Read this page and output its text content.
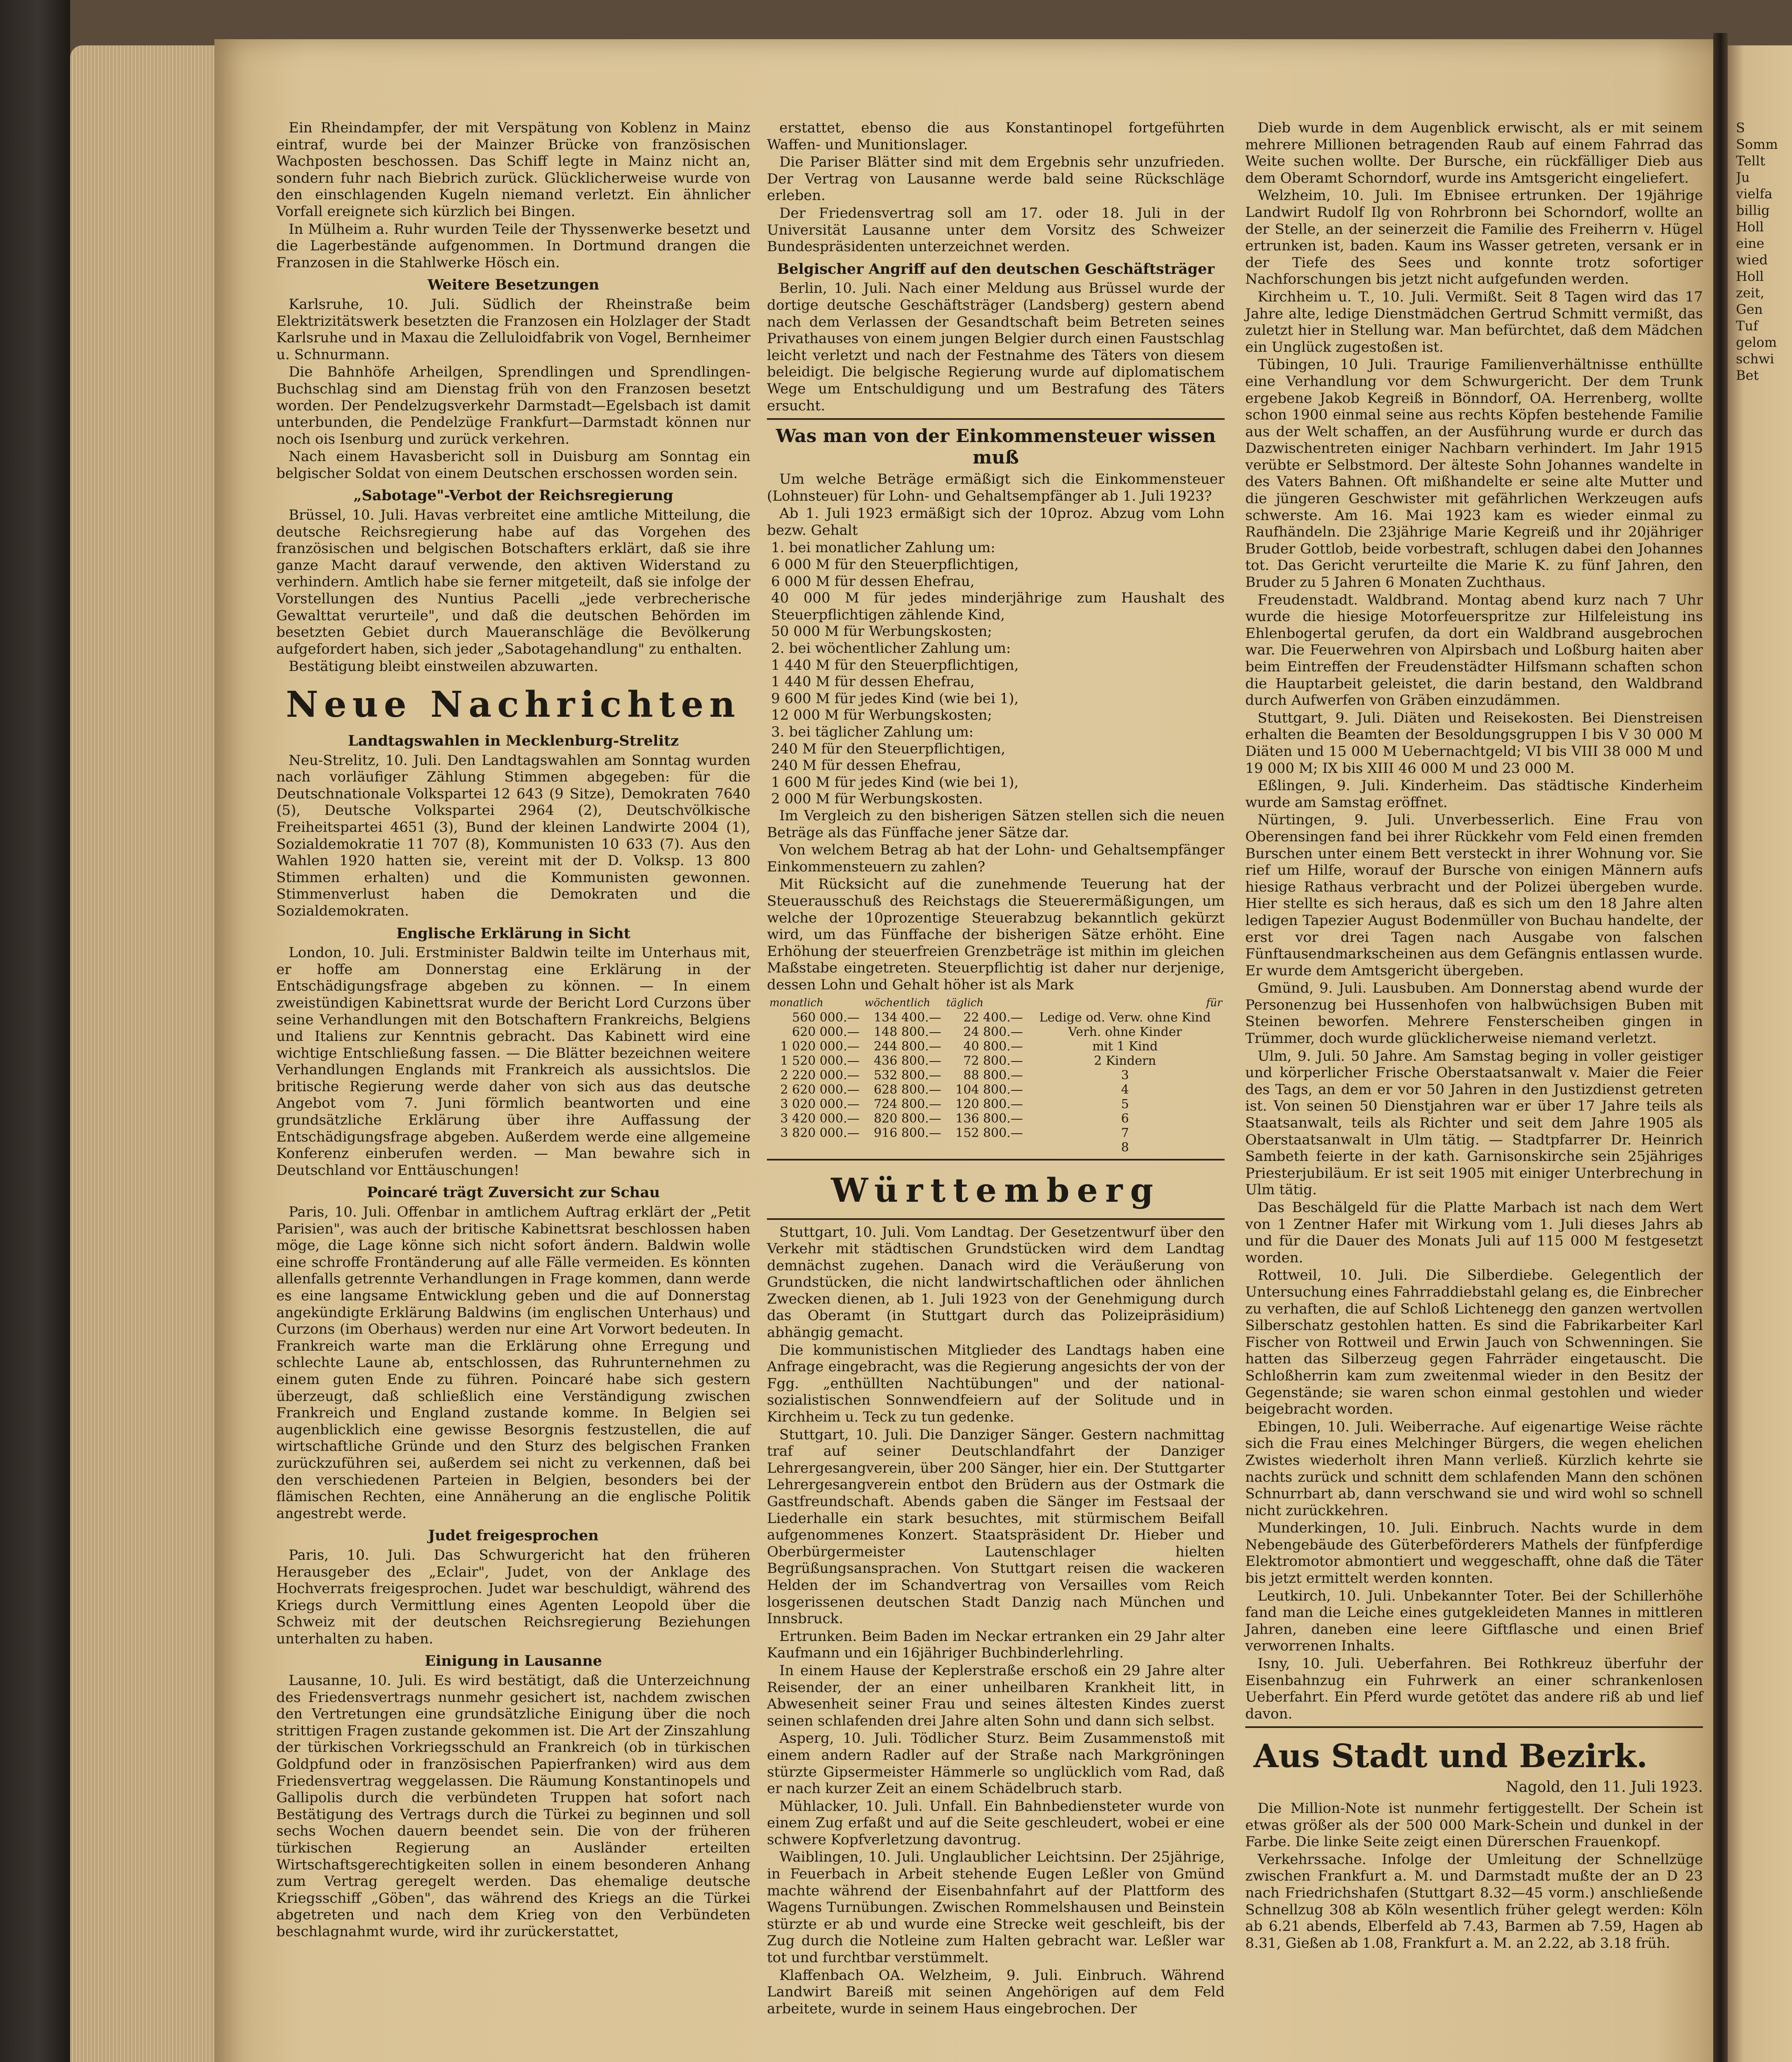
Ein Rheindampfer, der mit Verspätung von Koblenz in Mainz eintraf, wurde bei der Mainzer Brücke von französischen Wachposten beschossen. Das Schiff legte in Mainz nicht an, sondern fuhr nach Biebrich zurück. Glücklicherweise wurde von den einschlagenden Kugeln niemand verletzt. Ein ähnlicher Vorfall ereignete sich kürzlich bei Bingen.

In Mülheim a. Ruhr wurden Teile der Thyssenwerke besetzt und die Lagerbestände aufgenommen. In Dortmund drangen die Franzosen in die Stahlwerke Hösch ein.

Weitere Besetzungen

Karlsruhe, 10. Juli. Südlich der Rheinstraße beim Elektrizitätswerk besetzten die Franzosen ein Holzlager der Stadt Karlsruhe und in Maxau die Zelluloidfabrik von Vogel, Bernheimer u. Schnurmann.

Die Bahnhöfe Arheilgen, Sprendlingen und Sprendlingen-Buchschlag sind am Dienstag früh von den Franzosen besetzt worden. Der Pendelzugsverkehr Darmstadt—Egelsbach ist damit unterbunden, die Pendelzüge Frankfurt—Darmstadt können nur noch ois Isenburg und zurück verkehren.

Nach einem Havasbericht soll in Duisburg am Sonntag ein belgischer Soldat von einem Deutschen erschossen worden sein.

„Sabotage"-Verbot der Reichsregierung

Brüssel, 10. Juli. Havas verbreitet eine amtliche Mitteilung, die deutsche Reichsregierung habe auf das Vorgehen des französischen und belgischen Botschafters erklärt, daß sie ihre ganze Macht darauf verwende, den aktiven Widerstand zu verhindern. Amtlich habe sie ferner mitgeteilt, daß sie infolge der Vorstellungen des Nuntius Pacelli „jede verbrecherische Gewalttat verurteile", und daß die deutschen Behörden im besetzten Gebiet durch Maueranschläge die Bevölkerung aufgefordert haben, sich jeder „Sabotagehandlung" zu enthalten.

Bestätigung bleibt einstweilen abzuwarten.

Neue Nachrichten
Landtagswahlen in Mecklenburg-Strelitz

Neu-Strelitz, 10. Juli. Den Landtagswahlen am Sonntag wurden nach vorläufiger Zählung Stimmen abgegeben: für die Deutschnationale Volkspartei 12 643 (9 Sitze), Demokraten 7640 (5), Deutsche Volkspartei 2964 (2), Deutschvölkische Freiheitspartei 4651 (3), Bund der kleinen Landwirte 2004 (1), Sozialdemokratie 11 707 (8), Kommunisten 10 633 (7). Aus den Wahlen 1920 hatten sie, vereint mit der D. Volksp. 13 800 Stimmen erhalten) und die Kommunisten gewonnen. Stimmenverlust haben die Demokraten und die Sozialdemokraten.

Englische Erklärung in Sicht

London, 10. Juli. Erstminister Baldwin teilte im Unterhaus mit, er hoffe am Donnerstag eine Erklärung in der Entschädigungsfrage abgeben zu können. — In einem zweistündigen Kabinettsrat wurde der Bericht Lord Curzons über seine Verhandlungen mit den Botschaftern Frankreichs, Belgiens und Italiens zur Kenntnis gebracht. Das Kabinett wird eine wichtige Entschließung fassen. — Die Blätter bezeichnen weitere Verhandlungen Englands mit Frankreich als aussichtslos. Die britische Regierung werde daher von sich aus das deutsche Angebot vom 7. Juni förmlich beantworten und eine grundsätzliche Erklärung über ihre Auffassung der Entschädigungsfrage abgeben. Außerdem werde eine allgemeine Konferenz einberufen werden. — Man bewahre sich in Deutschland vor Enttäuschungen!

Poincaré trägt Zuversicht zur Schau

Paris, 10. Juli. Offenbar in amtlichem Auftrag erklärt der „Petit Parisien", was auch der britische Kabinettsrat beschlossen haben möge, die Lage könne sich nicht sofort ändern. Baldwin wolle eine schroffe Frontänderung auf alle Fälle vermeiden. Es könnten allenfalls getrennte Verhandlungen in Frage kommen, dann werde es eine langsame Entwicklung geben und die auf Donnerstag angekündigte Erklärung Baldwins (im englischen Unterhaus) und Curzons (im Oberhaus) werden nur eine Art Vorwort bedeuten. In Frankreich warte man die Erklärung ohne Erregung und schlechte Laune ab, entschlossen, das Ruhrunternehmen zu einem guten Ende zu führen. Poincaré habe sich gestern überzeugt, daß schließlich eine Verständigung zwischen Frankreich und England zustande komme. In Belgien sei augenblicklich eine gewisse Besorgnis festzustellen, die auf wirtschaftliche Gründe und den Sturz des belgischen Franken zurückzuführen sei, außerdem sei nicht zu verkennen, daß bei den verschiedenen Parteien in Belgien, besonders bei der flämischen Rechten, eine Annäherung an die englische Politik angestrebt werde.

Judet freigesprochen

Paris, 10. Juli. Das Schwurgericht hat den früheren Herausgeber des „Eclair", Judet, von der Anklage des Hochverrats freigesprochen. Judet war beschuldigt, während des Kriegs durch Vermittlung eines Agenten Leopold über die Schweiz mit der deutschen Reichsregierung Beziehungen unterhalten zu haben.

Einigung in Lausanne

Lausanne, 10. Juli. Es wird bestätigt, daß die Unterzeichnung des Friedensvertrags nunmehr gesichert ist, nachdem zwischen den Vertretungen eine grundsätzliche Einigung über die noch strittigen Fragen zustande gekommen ist. Die Art der Zinszahlung der türkischen Vorkriegsschuld an Frankreich (ob in türkischen Goldpfund oder in französischen Papierfranken) wird aus dem Friedensvertrag weggelassen. Die Räumung Konstantinopels und Gallipolis durch die verbündeten Truppen hat sofort nach Bestätigung des Vertrags durch die Türkei zu beginnen und soll sechs Wochen dauern beendet sein. Die von der früheren türkischen Regierung an Ausländer erteilten Wirtschaftsgerechtigkeiten sollen in einem besonderen Anhang zum Vertrag geregelt werden. Das ehemalige deutsche Kriegsschiff „Göben", das während des Kriegs an die Türkei abgetreten und nach dem Krieg von den Verbündeten beschlagnahmt wurde, wird ihr zurückerstattet,

erstattet, ebenso die aus Konstantinopel fortgeführten Waffen- und Munitionslager.

Die Pariser Blätter sind mit dem Ergebnis sehr unzufrieden. Der Vertrag von Lausanne werde bald seine Rückschläge erleben.

Der Friedensvertrag soll am 17. oder 18. Juli in der Universität Lausanne unter dem Vorsitz des Schweizer Bundespräsidenten unterzeichnet werden.

Belgischer Angriff auf den deutschen Geschäftsträger

Berlin, 10. Juli. Nach einer Meldung aus Brüssel wurde der dortige deutsche Geschäftsträger (Landsberg) gestern abend nach dem Verlassen der Gesandtschaft beim Betreten seines Privathauses von einem jungen Belgier durch einen Faustschlag leicht verletzt und nach der Festnahme des Täters von diesem beleidigt. Die belgische Regierung wurde auf diplomatischem Wege um Entschuldigung und um Bestrafung des Täters ersucht.

Was man von der Einkommensteuer wissen muß

Um welche Beträge ermäßigt sich die Einkommensteuer (Lohnsteuer) für Lohn- und Gehaltsempfänger ab 1. Juli 1923?

Ab 1. Juli 1923 ermäßigt sich der 10proz. Abzug vom Lohn bezw. Gehalt

1. bei monatlicher Zahlung um:
6 000 M für den Steuerpflichtigen,
6 000 M für dessen Ehefrau,
40 000 M für jedes minderjährige zum Haushalt des Steuerpflichtigen zählende Kind,
50 000 M für Werbungskosten;
2. bei wöchentlicher Zahlung um:
1 440 M für den Steuerpflichtigen,
1 440 M für dessen Ehefrau,
9 600 M für jedes Kind (wie bei 1),
12 000 M für Werbungskosten;
3. bei täglicher Zahlung um:
240 M für den Steuerpflichtigen,
240 M für dessen Ehefrau,
1 600 M für jedes Kind (wie bei 1),
2 000 M für Werbungskosten.

Im Vergleich zu den bisherigen Sätzen stellen sich die neuen Beträge als das Fünffache jener Sätze dar.

Von welchem Betrag ab hat der Lohn- und Gehaltsempfänger Einkommensteuern zu zahlen?

Mit Rücksicht auf die zunehmende Teuerung hat der Steuerausschuß des Reichstags die Steuerermäßigungen, um welche der 10prozentige Steuerabzug bekanntlich gekürzt wird, um das Fünffache der bisherigen Sätze erhöht. Eine Erhöhung der steuerfreien Grenzbeträge ist mithin im gleichen Maßstabe eingetreten. Steuerpflichtig ist daher nur derjenige, dessen Lohn und Gehalt höher ist als Mark

monatlich	wöchentlich	täglich	für
560 000.—	134 400.—	22 400.—	Ledige od. Verw. ohne Kind
620 000.—	148 800.—	24 800.—	Verh. ohne Kinder
1 020 000.—	244 800.—	40 800.—	mit 1 Kind
1 520 000.—	436 800.—	72 800.—	2 Kindern
2 220 000.—	532 800.—	88 800.—	3
2 620 000.—	628 800.—	104 800.—	4
3 020 000.—	724 800.—	120 800.—	5
3 420 000.—	820 800.—	136 800.—	6
3 820 000.—	916 800.—	152 800.—	7
			8
Württemberg

Stuttgart, 10. Juli. Vom Landtag. Der Gesetzentwurf über den Verkehr mit städtischen Grundstücken wird dem Landtag demnächst zugehen. Danach wird die Veräußerung von Grundstücken, die nicht landwirtschaftlichen oder ähnlichen Zwecken dienen, ab 1. Juli 1923 von der Genehmigung durch das Oberamt (in Stuttgart durch das Polizeipräsidium) abhängig gemacht.

Die kommunistischen Mitglieder des Landtags haben eine Anfrage eingebracht, was die Regierung angesichts der von der Fgg. „enthüllten Nachtübungen" und der national-sozialistischen Sonnwendfeiern auf der Solitude und in Kirchheim u. Teck zu tun gedenke.

Stuttgart, 10. Juli. Die Danziger Sänger. Gestern nachmittag traf auf seiner Deutschlandfahrt der Danziger Lehrergesangverein, über 200 Sänger, hier ein. Der Stuttgarter Lehrergesangverein entbot den Brüdern aus der Ostmark die Gastfreundschaft. Abends gaben die Sänger im Festsaal der Liederhalle ein stark besuchtes, mit stürmischem Beifall aufgenommenes Konzert. Staatspräsident Dr. Hieber und Oberbürgermeister Lautenschlager hielten Begrüßungsansprachen. Von Stuttgart reisen die wackeren Helden der im Schandvertrag von Versailles vom Reich losgerissenen deutschen Stadt Danzig nach München und Innsbruck.

Ertrunken. Beim Baden im Neckar ertranken ein 29 Jahr alter Kaufmann und ein 16jähriger Buchbinderlehrling.

In einem Hause der Keplerstraße erschoß ein 29 Jahre alter Reisender, der an einer unheilbaren Krankheit litt, in Abwesenheit seiner Frau und seines ältesten Kindes zuerst seinen schlafenden drei Jahre alten Sohn und dann sich selbst.

Asperg, 10. Juli. Tödlicher Sturz. Beim Zusammenstoß mit einem andern Radler auf der Straße nach Markgröningen stürzte Gipsermeister Hämmerle so unglücklich vom Rad, daß er nach kurzer Zeit an einem Schädelbruch starb.

Mühlacker, 10. Juli. Unfall. Ein Bahnbediensteter wurde von einem Zug erfaßt und auf die Seite geschleudert, wobei er eine schwere Kopfverletzung davontrug.

Waiblingen, 10. Juli. Unglaublicher Leichtsinn. Der 25jährige, in Feuerbach in Arbeit stehende Eugen Leßler von Gmünd machte während der Eisenbahnfahrt auf der Plattform des Wagens Turnübungen. Zwischen Rommelshausen und Beinstein stürzte er ab und wurde eine Strecke weit geschleift, bis der Zug durch die Notleine zum Halten gebracht war. Leßler war tot und furchtbar verstümmelt.

Klaffenbach OA. Welzheim, 9. Juli. Einbruch. Während Landwirt Bareiß mit seinen Angehörigen auf dem Feld arbeitete, wurde in seinem Haus eingebrochen. Der

Dieb wurde in dem Augenblick erwischt, als er mit seinem mehrere Millionen betragenden Raub auf einem Fahrrad das Weite suchen wollte. Der Bursche, ein rückfälliger Dieb aus dem Oberamt Schorndorf, wurde ins Amtsgericht eingeliefert.

Welzheim, 10. Juli. Im Ebnisee ertrunken. Der 19jährige Landwirt Rudolf Ilg von Rohrbronn bei Schorndorf, wollte an der Stelle, an der seinerzeit die Familie des Freiherrn v. Hügel ertrunken ist, baden. Kaum ins Wasser getreten, versank er in der Tiefe des Sees und konnte trotz sofortiger Nachforschungen bis jetzt nicht aufgefunden werden.

Kirchheim u. T., 10. Juli. Vermißt. Seit 8 Tagen wird das 17 Jahre alte, ledige Dienstmädchen Gertrud Schmitt vermißt, das zuletzt hier in Stellung war. Man befürchtet, daß dem Mädchen ein Unglück zugestoßen ist.

Tübingen, 10 Juli. Traurige Familienverhältnisse enthüllte eine Verhandlung vor dem Schwurgericht. Der dem Trunk ergebene Jakob Kegreiß in Bönndorf, OA. Herrenberg, wollte schon 1900 einmal seine aus rechts Köpfen bestehende Familie aus der Welt schaffen, an der Ausführung wurde er durch das Dazwischentreten einiger Nachbarn verhindert. Im Jahr 1915 verübte er Selbstmord. Der älteste Sohn Johannes wandelte in des Vaters Bahnen. Oft mißhandelte er seine alte Mutter und die jüngeren Geschwister mit gefährlichen Werkzeugen aufs schwerste. Am 16. Mai 1923 kam es wieder einmal zu Raufhändeln. Die 23jährige Marie Kegreiß und ihr 20jähriger Bruder Gottlob, beide vorbestraft, schlugen dabei den Johannes tot. Das Gericht verurteilte die Marie K. zu fünf Jahren, den Bruder zu 5 Jahren 6 Monaten Zuchthaus.

Freudenstadt. Waldbrand. Montag abend kurz nach 7 Uhr wurde die hiesige Motorfeuerspritze zur Hilfeleistung ins Ehlenbogertal gerufen, da dort ein Waldbrand ausgebrochen war. Die Feuerwehren von Alpirsbach und Loßburg haiten aber beim Eintreffen der Freudenstädter Hilfsmann schaften schon die Hauptarbeit geleistet, die darin bestand, den Waldbrand durch Aufwerfen von Gräben einzudämmen.

Stuttgart, 9. Juli. Diäten und Reisekosten. Bei Dienstreisen erhalten die Beamten der Besoldungsgruppen I bis V 30 000 M Diäten und 15 000 M Uebernachtgeld; VI bis VIII 38 000 M und 19 000 M; IX bis XIII 46 000 M und 23 000 M.

Eßlingen, 9. Juli. Kinderheim. Das städtische Kinderheim wurde am Samstag eröffnet.

Nürtingen, 9. Juli. Unverbesserlich. Eine Frau von Oberensingen fand bei ihrer Rückkehr vom Feld einen fremden Burschen unter einem Bett versteckt in ihrer Wohnung vor. Sie rief um Hilfe, worauf der Bursche von einigen Männern aufs hiesige Rathaus verbracht und der Polizei übergeben wurde. Hier stellte es sich heraus, daß es sich um den 18 Jahre alten ledigen Tapezier August Bodenmüller von Buchau handelte, der erst vor drei Tagen nach Ausgabe von falschen Fünftausendmarkscheinen aus dem Gefängnis entlassen wurde. Er wurde dem Amtsgericht übergeben.

Gmünd, 9. Juli. Lausbuben. Am Donnerstag abend wurde der Personenzug bei Hussenhofen von halbwüchsigen Buben mit Steinen beworfen. Mehrere Fensterscheiben gingen in Trümmer, doch wurde glücklicherweise niemand verletzt.

Ulm, 9. Juli. 50 Jahre. Am Samstag beging in voller geistiger und körperlicher Frische Oberstaatsanwalt v. Maier die Feier des Tags, an dem er vor 50 Jahren in den Justizdienst getreten ist. Von seinen 50 Dienstjahren war er über 17 Jahre teils als Staatsanwalt, teils als Richter und seit dem Jahre 1905 als Oberstaatsanwalt in Ulm tätig. — Stadtpfarrer Dr. Heinrich Sambeth feierte in der kath. Garnisonskirche sein 25jähriges Priesterjubiläum. Er ist seit 1905 mit einiger Unterbrechung in Ulm tätig.

Das Beschälgeld für die Platte Marbach ist nach dem Wert von 1 Zentner Hafer mit Wirkung vom 1. Juli dieses Jahrs ab und für die Dauer des Monats Juli auf 115 000 M festgesetzt worden.

Rottweil, 10. Juli. Die Silberdiebe. Gelegentlich der Untersuchung eines Fahrraddiebstahl gelang es, die Einbrecher zu verhaften, die auf Schloß Lichtenegg den ganzen wertvollen Silberschatz gestohlen hatten. Es sind die Fabrikarbeiter Karl Fischer von Rottweil und Erwin Jauch von Schwenningen. Sie hatten das Silberzeug gegen Fahrräder eingetauscht. Die Schloßherrin kam zum zweitenmal wieder in den Besitz der Gegenstände; sie waren schon einmal gestohlen und wieder beigebracht worden.

Ebingen, 10. Juli. Weiberrache. Auf eigenartige Weise rächte sich die Frau eines Melchinger Bürgers, die wegen ehelichen Zwistes wiederholt ihren Mann verließ. Kürzlich kehrte sie nachts zurück und schnitt dem schlafenden Mann den schönen Schnurrbart ab, dann verschwand sie und wird wohl so schnell nicht zurückkehren.

Munderkingen, 10. Juli. Einbruch. Nachts wurde in dem Nebengebäude des Güterbeförderers Mathels der fünfpferdige Elektromotor abmontiert und weggeschafft, ohne daß die Täter bis jetzt ermittelt werden konnten.

Leutkirch, 10. Juli. Unbekannter Toter. Bei der Schillerhöhe fand man die Leiche eines gutgekleideten Mannes in mittleren Jahren, daneben eine leere Giftflasche und einen Brief verworrenen Inhalts.

Isny, 10. Juli. Ueberfahren. Bei Rothkreuz überfuhr der Eisenbahnzug ein Fuhrwerk an einer schrankenlosen Ueberfahrt. Ein Pferd wurde getötet das andere riß ab und lief davon.

Aus Stadt und Bezirk.
Nagold, den 11. Juli 1923.

Die Million-Note ist nunmehr fertiggestellt. Der Schein ist etwas größer als der 500 000 Mark-Schein und dunkel in der Farbe. Die linke Seite zeigt einen Dürerschen Frauenkopf.

Verkehrssache. Infolge der Umleitung der Schnellzüge zwischen Frankfurt a. M. und Darmstadt mußte der an D 23 nach Friedrichshafen (Stuttgart 8.32—45 vorm.) anschließende Schnellzug 308 ab Köln wesentlich früher gelegt werden: Köln ab 6.21 abends, Elberfeld ab 7.43, Barmen ab 7.59, Hagen ab 8.31, Gießen ab 1.08, Frankfurt a. M. an 2.22, ab 3.18 früh.

S
Somm
Tellt
Ju
vielfa
billig
Holl
eine
wied
Holl
zeit,
Gen
Tuf
gelom
schwi
Bet
